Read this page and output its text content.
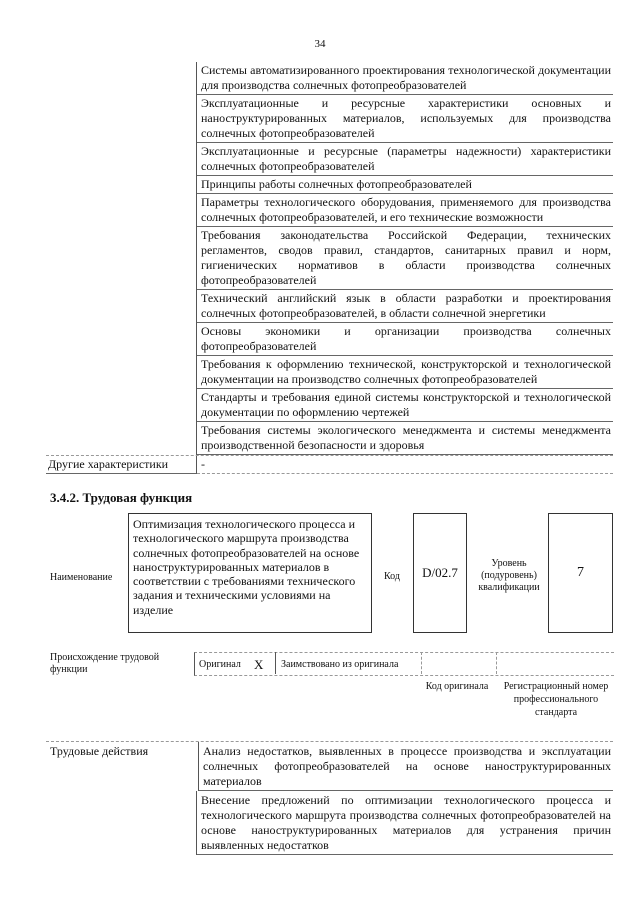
34
Системы автоматизированного проектирования технологической документации для производства солнечных фотопреобразователей
Эксплуатационные и ресурсные характеристики основных и наноструктурированных материалов, используемых для производства солнечных фотопреобразователей
Эксплуатационные и ресурсные (параметры надежности) характеристики солнечных фотопреобразователей
Принципы работы солнечных фотопреобразователей
Параметры технологического оборудования, применяемого для производства солнечных фотопреобразователей, и его технические возможности
Требования законодательства Российской Федерации, технических регламентов, сводов правил, стандартов, санитарных правил и норм, гигиенических нормативов в области производства солнечных фотопреобразователей
Технический английский язык в области разработки и проектирования солнечных фотопреобразователей, в области солнечной энергетики
Основы экономики и организации производства солнечных фотопреобразователей
Требования к оформлению технической, конструкторской и технологической документации на производство солнечных фотопреобразователей
Стандарты и требования единой системы конструкторской и технологической документации по оформлению чертежей
Требования системы экологического менеджмента и системы менеджмента производственной безопасности и здоровья
Другие характеристики	-
3.4.2. Трудовая функция
Наименование
Оптимизация технологического процесса и технологического маршрута производства солнечных фотопреобразователей на основе наноструктурированных материалов в соответствии с требованиями технического задания и техническими условиями на изделие
Код	D/02.7
Уровень (подуровень) квалификации
7
Происхождение трудовой функции	Оригинал X Заимствовано из оригинала
Код оригинала	Регистрационный номер профессионального стандарта
Трудовые действия	Анализ недостатков, выявленных в процессе производства и эксплуатации солнечных фотопреобразователей на основе наноструктурированных материалов
Внесение предложений по оптимизации технологического процесса и технологического маршрута производства солнечных фотопреобразователей на основе наноструктурированных материалов для устранения причин выявленных недостатков
